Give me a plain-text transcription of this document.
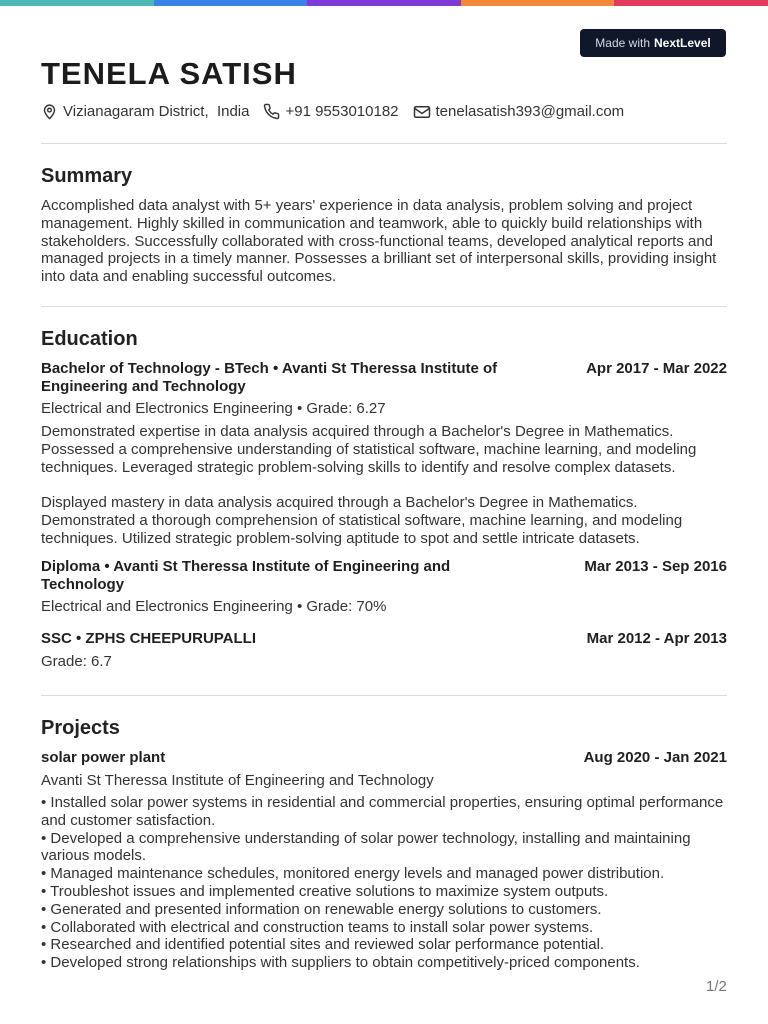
Made with NextLevel
TENELA SATISH
Vizianagaram District,  India +91 9553010182 tenelasatish393@gmail.com
Summary

Accomplished data analyst with 5+ years' experience in data analysis, problem solving and project management. Highly skilled in communication and teamwork, able to quickly build relationships with stakeholders. Successfully collaborated with cross-functional teams, developed analytical reports and managed projects in a timely manner. Possesses a brilliant set of interpersonal skills, providing insight into data and enabling successful outcomes.

Education
Bachelor of Technology - BTech • Avanti St Theressa Institute of Engineering and Technology
Apr 2017 - Mar 2022
Electrical and Electronics Engineering • Grade: 6.27

Demonstrated expertise in data analysis acquired through a Bachelor's Degree in Mathematics. Possessed a comprehensive understanding of statistical software, machine learning, and modeling techniques. Leveraged strategic problem-solving skills to identify and resolve complex datasets.

Displayed mastery in data analysis acquired through a Bachelor's Degree in Mathematics. Demonstrated a thorough comprehension of statistical software, machine learning, and modeling techniques. Utilized strategic problem-solving aptitude to spot and settle intricate datasets.

Diploma • Avanti St Theressa Institute of Engineering and Technology
Mar 2013 - Sep 2016
Electrical and Electronics Engineering • Grade: 70%
SSC • ZPHS CHEEPURUPALLI	Mar 2012 - Apr 2013
Grade: 6.7
Projects
solar power plant	Aug 2020 - Jan 2021
Avanti St Theressa Institute of Engineering and Technology
• Installed solar power systems in residential and commercial properties, ensuring optimal performance and customer satisfaction.
• Developed a comprehensive understanding of solar power technology, installing and maintaining various models.
• Managed maintenance schedules, monitored energy levels and managed power distribution.
• Troubleshot issues and implemented creative solutions to maximize system outputs.
• Generated and presented information on renewable energy solutions to customers.
• Collaborated with electrical and construction teams to install solar power systems.
• Researched and identified potential sites and reviewed solar performance potential.
• Developed strong relationships with suppliers to obtain competitively-priced components.
1/2
